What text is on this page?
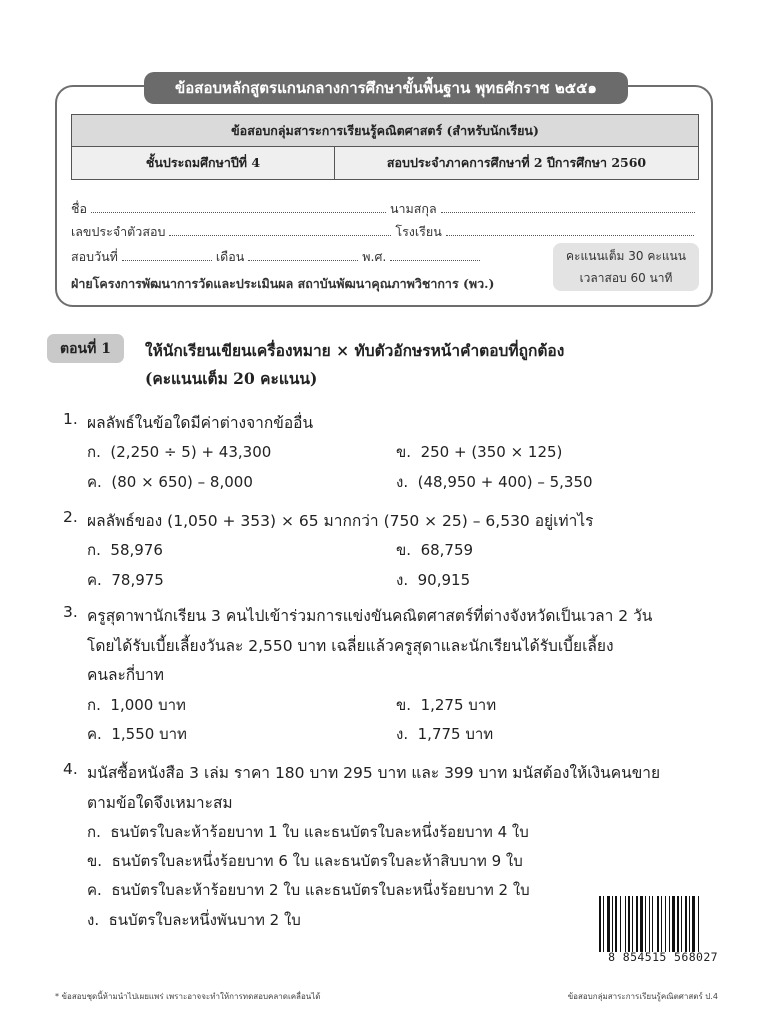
ข้อสอบหลักสูตรแกนกลางการศึกษาขั้นพื้นฐาน พุทธศักราช ๒๕๕๑
ข้อสอบกลุ่มสาระการเรียนรู้คณิตศาสตร์ (สำหรับนักเรียน)
ชั้นประถมศึกษาปีที่ 4	สอบประจำภาคการศึกษาที่ 2 ปีการศึกษา 2560
ชื่อ	นามสกุล
เลขประจำตัวสอบ	โรงเรียน
สอบวันที่	เดือน	พ.ศ.	คะแนนเต็ม 30 คะแนน
เวลาสอบ 60 นาที
ฝ่ายโครงการพัฒนาการวัดและประเมินผล สถาบันพัฒนาคุณภาพวิชาการ (พว.)
ตอนที่ 1	ให้นักเรียนเขียนเครื่องหมาย × ทับตัวอักษรหน้าคำตอบที่ถูกต้อง
(คะแนนเต็ม 20 คะแนน)
1. ผลลัพธ์ในข้อใดมีค่าต่างจากข้ออื่น
ก. (2,250 ÷ 5) + 43,300	ข. 250 + (350 × 125)
ค. (80 × 650) – 8,000	ง. (48,950 + 400) – 5,350
2. ผลลัพธ์ของ (1,050 + 353) × 65 มากกว่า (750 × 25) – 6,530 อยู่เท่าไร
ก. 58,976	ข. 68,759
ค. 78,975	ง. 90,915
3. ครูสุดาพานักเรียน 3 คนไปเข้าร่วมการแข่งขันคณิตศาสตร์ที่ต่างจังหวัดเป็นเวลา 2 วัน
โดยได้รับเบี้ยเลี้ยงวันละ 2,550 บาท เฉลี่ยแล้วครูสุดาและนักเรียนได้รับเบี้ยเลี้ยง
คนละกี่บาท
ก. 1,000 บาท	ข. 1,275 บาท
ค. 1,550 บาท	ง. 1,775 บาท
4. มนัสซื้อหนังสือ 3 เล่ม ราคา 180 บาท 295 บาท และ 399 บาท มนัสต้องให้เงินคนขาย
ตามข้อใดจึงเหมาะสม
ก. ธนบัตรใบละห้าร้อยบาท 1 ใบ และธนบัตรใบละหนึ่งร้อยบาท 4 ใบ
ข. ธนบัตรใบละหนึ่งร้อยบาท 6 ใบ และธนบัตรใบละห้าสิบบาท 9 ใบ
ค. ธนบัตรใบละห้าร้อยบาท 2 ใบ และธนบัตรใบละหนึ่งร้อยบาท 2 ใบ
ง. ธนบัตรใบละหนึ่งพันบาท 2 ใบ
8 854515 568027
* ข้อสอบชุดนี้ห้ามนำไปเผยแพร่ เพราะอาจจะทำให้การทดสอบคลาดเคลื่อนได้	ข้อสอบกลุ่มสาระการเรียนรู้คณิตศาสตร์ ป.4
